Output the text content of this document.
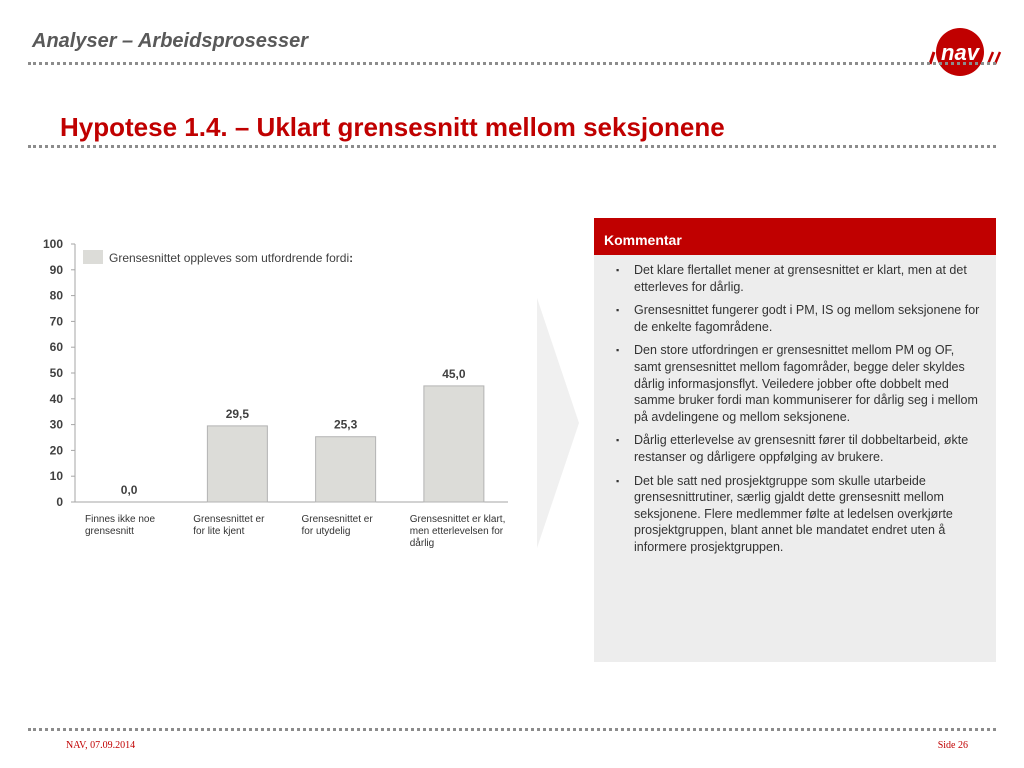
Analyser – Arbeidsprosesser	nav
Hypotese 1.4. – Uklart grensesnitt mellom seksjonene
0
10
20
30
40
50
60
70
80
90
100
0,0
Finnes ikke noe grensesnitt
29,5
Grensesnittet er for lite kjent
25,3
Grensesnittet er for utydelig
45,0
Grensesnittet er klart, men etterlevelsen for dårlig
Grensesnittet oppleves som utfordrende fordi:
Kommentar
▪ Det klare flertallet mener at grensesnittet er klart, men at det etterleves for dårlig.
▪ Grensesnittet fungerer godt i PM, IS og mellom seksjonene for de enkelte fagområdene.
▪ Den store utfordringen er grensesnittet mellom PM og OF, samt grensesnittet mellom fagområder, begge deler skyldes dårlig informasjonsflyt. Veiledere jobber ofte dobbelt med samme bruker fordi man kommuniserer for dårlig seg i mellom på avdelingene og mellom seksjonene.
▪ Dårlig etterlevelse av grensesnitt fører til dobbeltarbeid, økte restanser og dårligere oppfølging av brukere.
▪ Det ble satt ned prosjektgruppe som skulle utarbeide grensesnittrutiner, særlig gjaldt dette grensesnitt mellom seksjonene. Flere medlemmer følte at ledelsen overkjørte prosjektgruppen, blant annet ble mandatet endret uten å informere prosjektgruppen.
NAV, 07.09.2014	Side 26
